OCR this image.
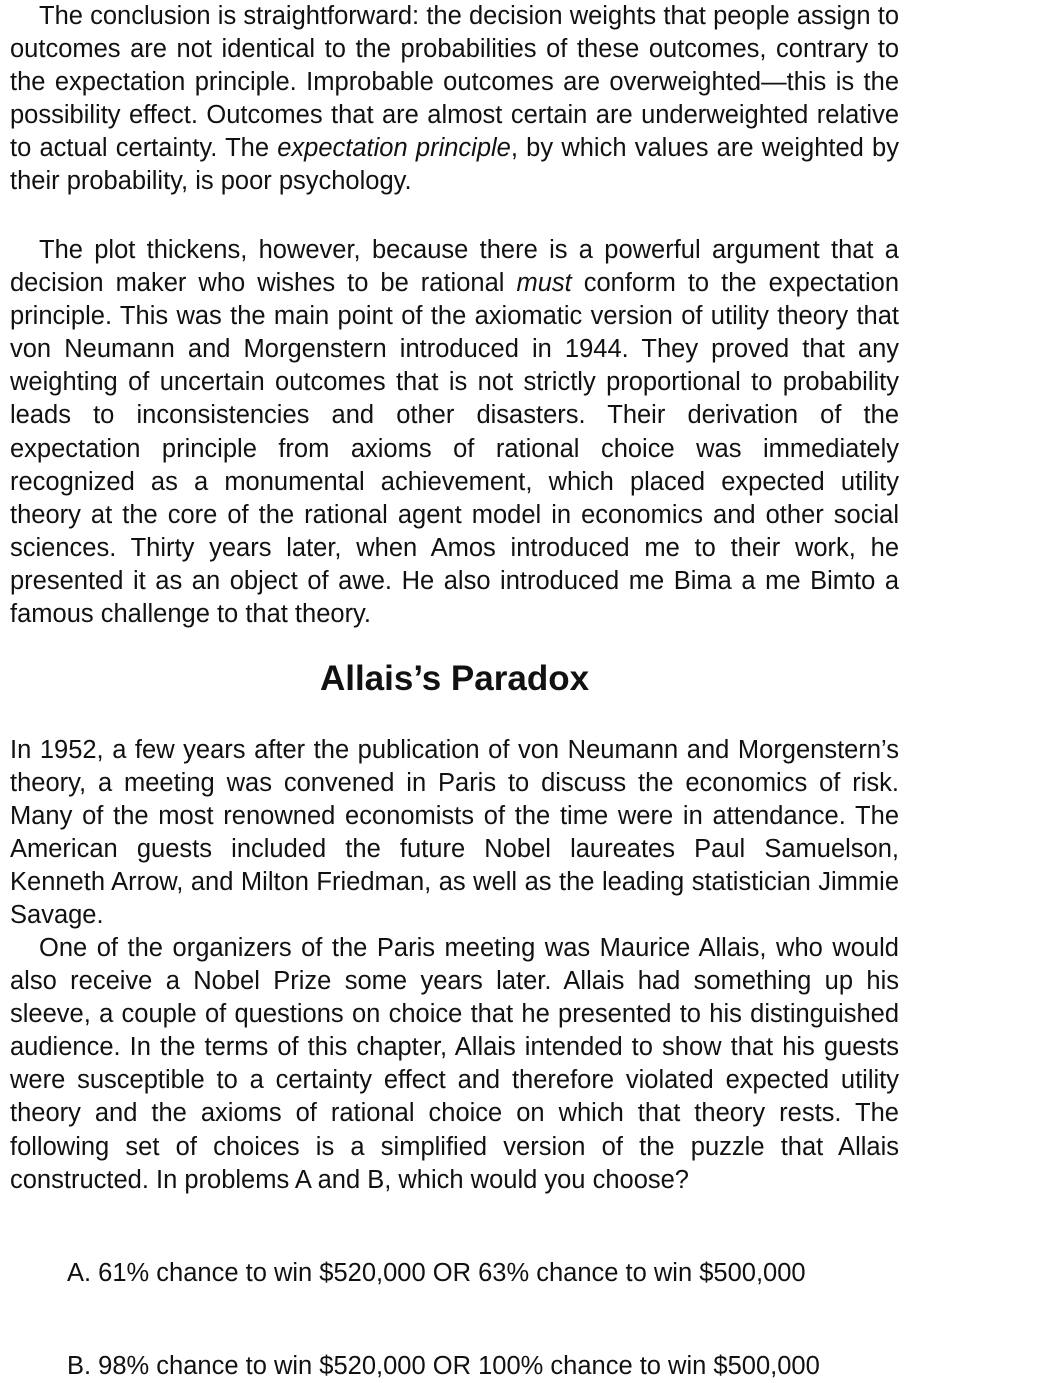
The conclusion is straightforward: the decision weights that people assign to outcomes are not identical to the probabilities of these outcomes, contrary to the expectation principle. Improbable outcomes are overweighted—this is the possibility effect. Outcomes that are almost certain are underweighted relative to actual certainty. The expectation principle, by which values are weighted by their probability, is poor psychology.

The plot thickens, however, because there is a powerful argument that a decision maker who wishes to be rational must conform to the expectation principle. This was the main point of the axiomatic version of utility theory that von Neumann and Morgenstern introduced in 1944. They proved that any weighting of uncertain outcomes that is not strictly proportional to probability leads to inconsistencies and other disasters. Their derivation of the expectation principle from axioms of rational choice was immediately recognized as a monumental achievement, which placed expected utility theory at the core of the rational agent model in economics and other social sciences. Thirty years later, when Amos introduced me to their work, he presented it as an object of awe. He also introduced me Bima a me Bimto a famous challenge to that theory.

Allais’s Paradox

In 1952, a few years after the publication of von Neumann and Morgenstern’s theory, a meeting was convened in Paris to discuss the economics of risk. Many of the most renowned economists of the time were in attendance. The American guests included the future Nobel laureates Paul Samuelson, Kenneth Arrow, and Milton Friedman, as well as the leading statistician Jimmie Savage.

One of the organizers of the Paris meeting was Maurice Allais, who would also receive a Nobel Prize some years later. Allais had something up his sleeve, a couple of questions on choice that he presented to his distinguished audience. In the terms of this chapter, Allais intended to show that his guests were susceptible to a certainty effect and therefore violated expected utility theory and the axioms of rational choice on which that theory rests. The following set of choices is a simplified version of the puzzle that Allais constructed. In problems A and B, which would you choose?

A. 61% chance to win $520,000 OR 63% chance to win $500,000

B. 98% chance to win $520,000 OR 100% chance to win $500,000
